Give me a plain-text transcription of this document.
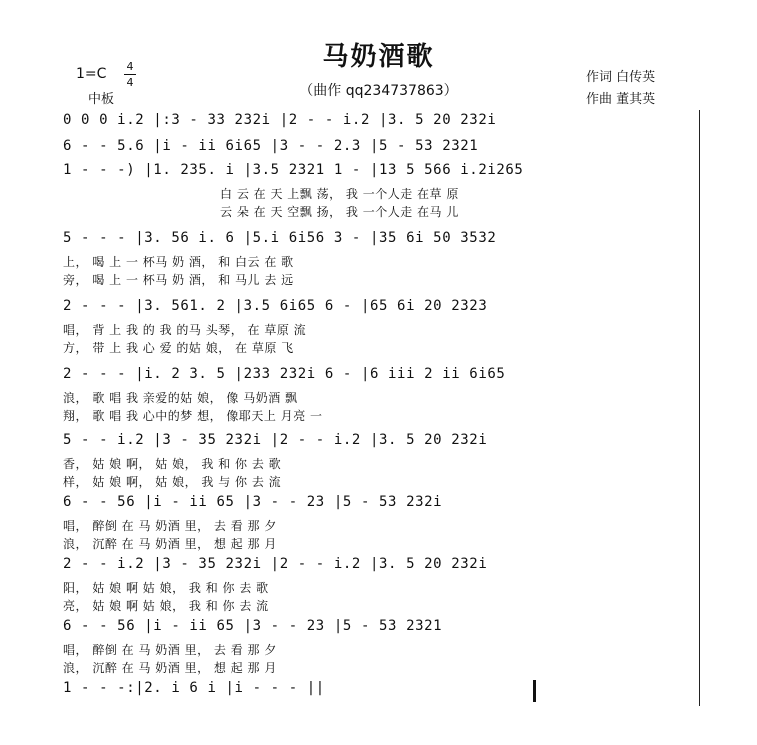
马奶酒歌
（曲作 qq234737863）
1=C 4
4
中板
作词 白传英
作曲 董其英
0 0 0 i.2 |:3 - 33 232i |2 - - i.2 |3. 5 20 232i
6 - - 5.6 |i - ii 6i65 |3 - - 2.3 |5 - 53 2321
1 - - -) |1. 235. i |3.5 2321 1 - |13 5 566 i.2i265
白 云 在 天 上飘 荡， 我 一个人走 在草 原
云 朵 在 天 空飘 扬， 我 一个人走 在马 儿
5 - - - |3. 56 i. 6 |5.i 6i56 3 - |35 6i 50 3532
上， 喝 上 一 杯马 奶 酒， 和 白云 在 歌
旁， 喝 上 一 杯马 奶 酒， 和 马儿 去 远
2 - - - |3. 561. 2 |3.5 6i65 6 - |65 6i 20 2323
唱， 背 上 我 的 我 的马 头琴， 在 草原 流
方， 带 上 我 心 爱 的姑 娘， 在 草原 飞
2 - - - |i. 2 3. 5 |233 232i 6 - |6 iii 2 ii 6i65
浪， 歌 唱 我 亲爱的姑 娘， 像 马奶酒 飘
翔， 歌 唱 我 心中的梦 想， 像耶天上 月亮 一
5 - - i.2 |3 - 35 232i |2 - - i.2 |3. 5 20 232i
香， 姑 娘 啊， 姑 娘， 我 和 你 去 歌
样， 姑 娘 啊， 姑 娘， 我 与 你 去 流
6 - - 56 |i - ii 65 |3 - - 23 |5 - 53 232i
唱， 醉倒 在 马 奶酒 里， 去 看 那 夕
浪， 沉醉 在 马 奶酒 里， 想 起 那 月
2 - - i.2 |3 - 35 232i |2 - - i.2 |3. 5 20 232i
阳， 姑 娘 啊 姑 娘， 我 和 你 去 歌
亮， 姑 娘 啊 姑 娘， 我 和 你 去 流
6 - - 56 |i - ii 65 |3 - - 23 |5 - 53 2321
唱， 醉倒 在 马 奶酒 里， 去 看 那 夕
浪， 沉醉 在 马 奶酒 里， 想 起 那 月
1 - - -:|2. i 6 i |i - - - ||
